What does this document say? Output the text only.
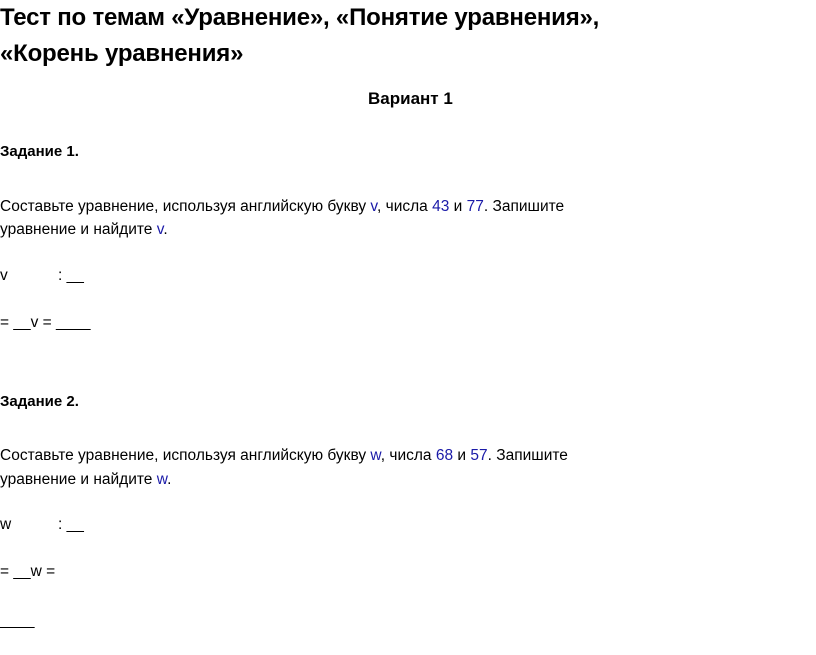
Тест по темам «Уравнение», «Понятие уравнения»,
«Корень уравнения»
Вариант 1
Задание 1.
Составьте уравнение, используя английскую букву v, числа 43 и 77. Запишите
уравнение и найдите v.
v	: __
= __v = ____
Задание 2.
Составьте уравнение, используя английскую букву w, числа 68 и 57. Запишите
уравнение и найдите w.
w	: __
= __w =
____
